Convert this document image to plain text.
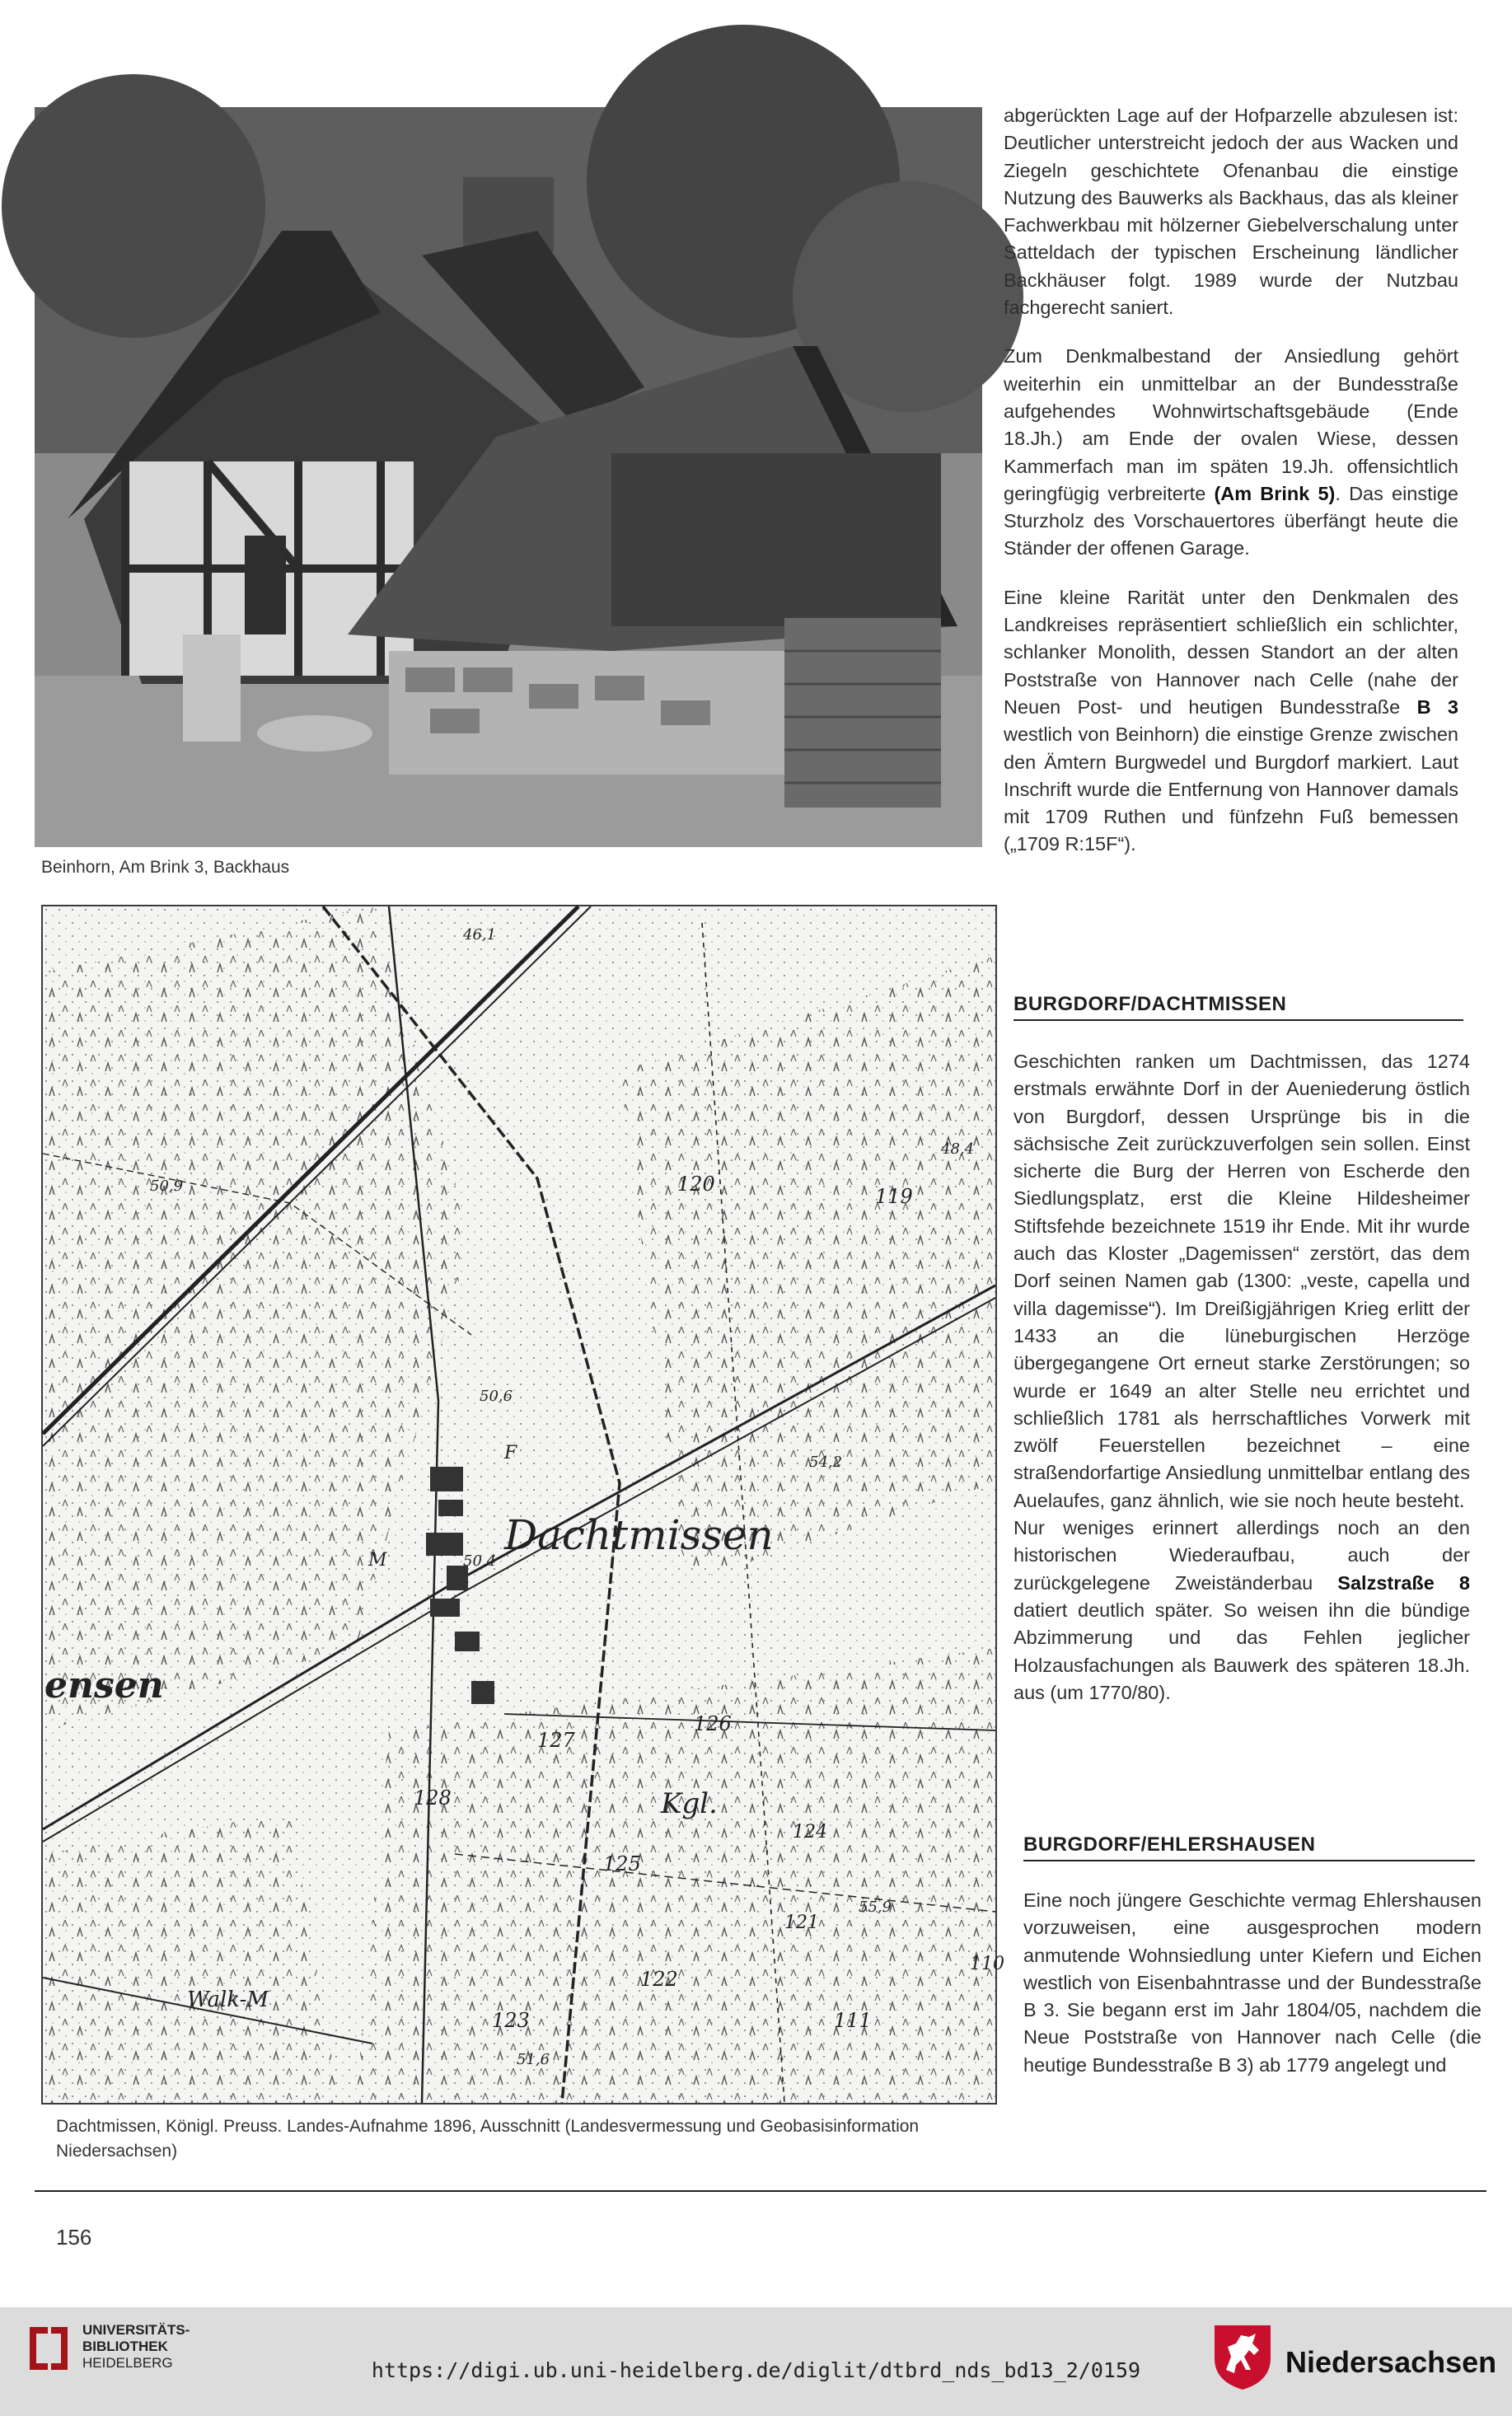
Beinhorn, Am Brink 3, Backhaus
Dachtmissen
46,1
50,9	120
119
48,4
50,6
54,2
50,4
F
M
ensen
126
127
128
124
125
121
55,9
110
122
123	111
51,6
Walk-M
Kgl.
Dachtmissen, Königl. Preuss. Landes-Aufnahme 1896, Ausschnitt (Landesvermessung und Geobasisinformation Niedersachsen)

abgerückten Lage auf der Hofparzelle abzulesen ist: Deutlicher unterstreicht jedoch der aus Wacken und Ziegeln geschichtete Ofenanbau die einstige Nutzung des Bauwerks als Backhaus, das als kleiner Fachwerkbau mit hölzerner Giebelverschalung unter Satteldach der typischen Erscheinung ländlicher Backhäuser folgt. 1989 wurde der Nutzbau fachgerecht saniert.

Zum Denkmalbestand der Ansiedlung gehört weiterhin ein unmittelbar an der Bundesstraße aufgehendes Wohnwirtschaftsgebäude (Ende 18.Jh.) am Ende der ovalen Wiese, dessen Kammerfach man im späten 19.Jh. offensichtlich geringfügig verbreiterte (Am Brink 5). Das einstige Sturzholz des Vorschauertores überfängt heute die Ständer der offenen Garage.

Eine kleine Rarität unter den Denkmalen des Landkreises repräsentiert schließlich ein schlichter, schlanker Monolith, dessen Standort an der alten Poststraße von Hannover nach Celle (nahe der Neuen Post- und heutigen Bundesstraße B 3 westlich von Beinhorn) die einstige Grenze zwischen den Ämtern Burgwedel und Burgdorf markiert. Laut Inschrift wurde die Entfernung von Hannover damals mit 1709 Ruthen und fünfzehn Fuß bemessen („1709 R:15F“).

BURGDORF/DACHTMISSEN

Geschichten ranken um Dachtmissen, das 1274 erstmals erwähnte Dorf in der Aueniederung östlich von Burgdorf, dessen Ursprünge bis in die sächsische Zeit zurückzuverfolgen sein sollen. Einst sicherte die Burg der Herren von Escherde den Siedlungsplatz, erst die Kleine Hildesheimer Stiftsfehde bezeichnete 1519 ihr Ende. Mit ihr wurde auch das Kloster „Dagemissen“ zerstört, das dem Dorf seinen Namen gab (1300: „veste, capella und villa dagemisse“). Im Dreißigjährigen Krieg erlitt der 1433 an die lüneburgischen Herzöge übergegangene Ort erneut starke Zerstörungen; so wurde er 1649 an alter Stelle neu errichtet und schließlich 1781 als herrschaftliches Vorwerk mit zwölf Feuerstellen bezeichnet – eine straßendorfartige Ansiedlung unmittelbar entlang des Auelaufes, ganz ähnlich, wie sie noch heute besteht.

Nur weniges erinnert allerdings noch an den historischen Wiederaufbau, auch der zurückgelegene Zweiständerbau Salzstraße 8 datiert deutlich später. So weisen ihn die bündige Abzimmerung und das Fehlen jeglicher Holzausfachungen als Bauwerk des späteren 18.Jh. aus (um 1770/80).

BURGDORF/EHLERSHAUSEN

Eine noch jüngere Geschichte vermag Ehlershausen vorzuweisen, eine ausgesprochen modern anmutende Wohnsiedlung unter Kiefern und Eichen westlich von Eisenbahntrasse und der Bundesstraße B 3. Sie begann erst im Jahr 1804/05, nachdem die Neue Poststraße von Hannover nach Celle (die heutige Bundesstraße B 3) ab 1779 angelegt und

156
UNIVERSITÄTS-
BIBLIOTHEK
HEIDELBERG	https://digi.ub.uni-heidelberg.de/diglit/dtbrd_nds_bd13_2/0159	Niedersachsen
